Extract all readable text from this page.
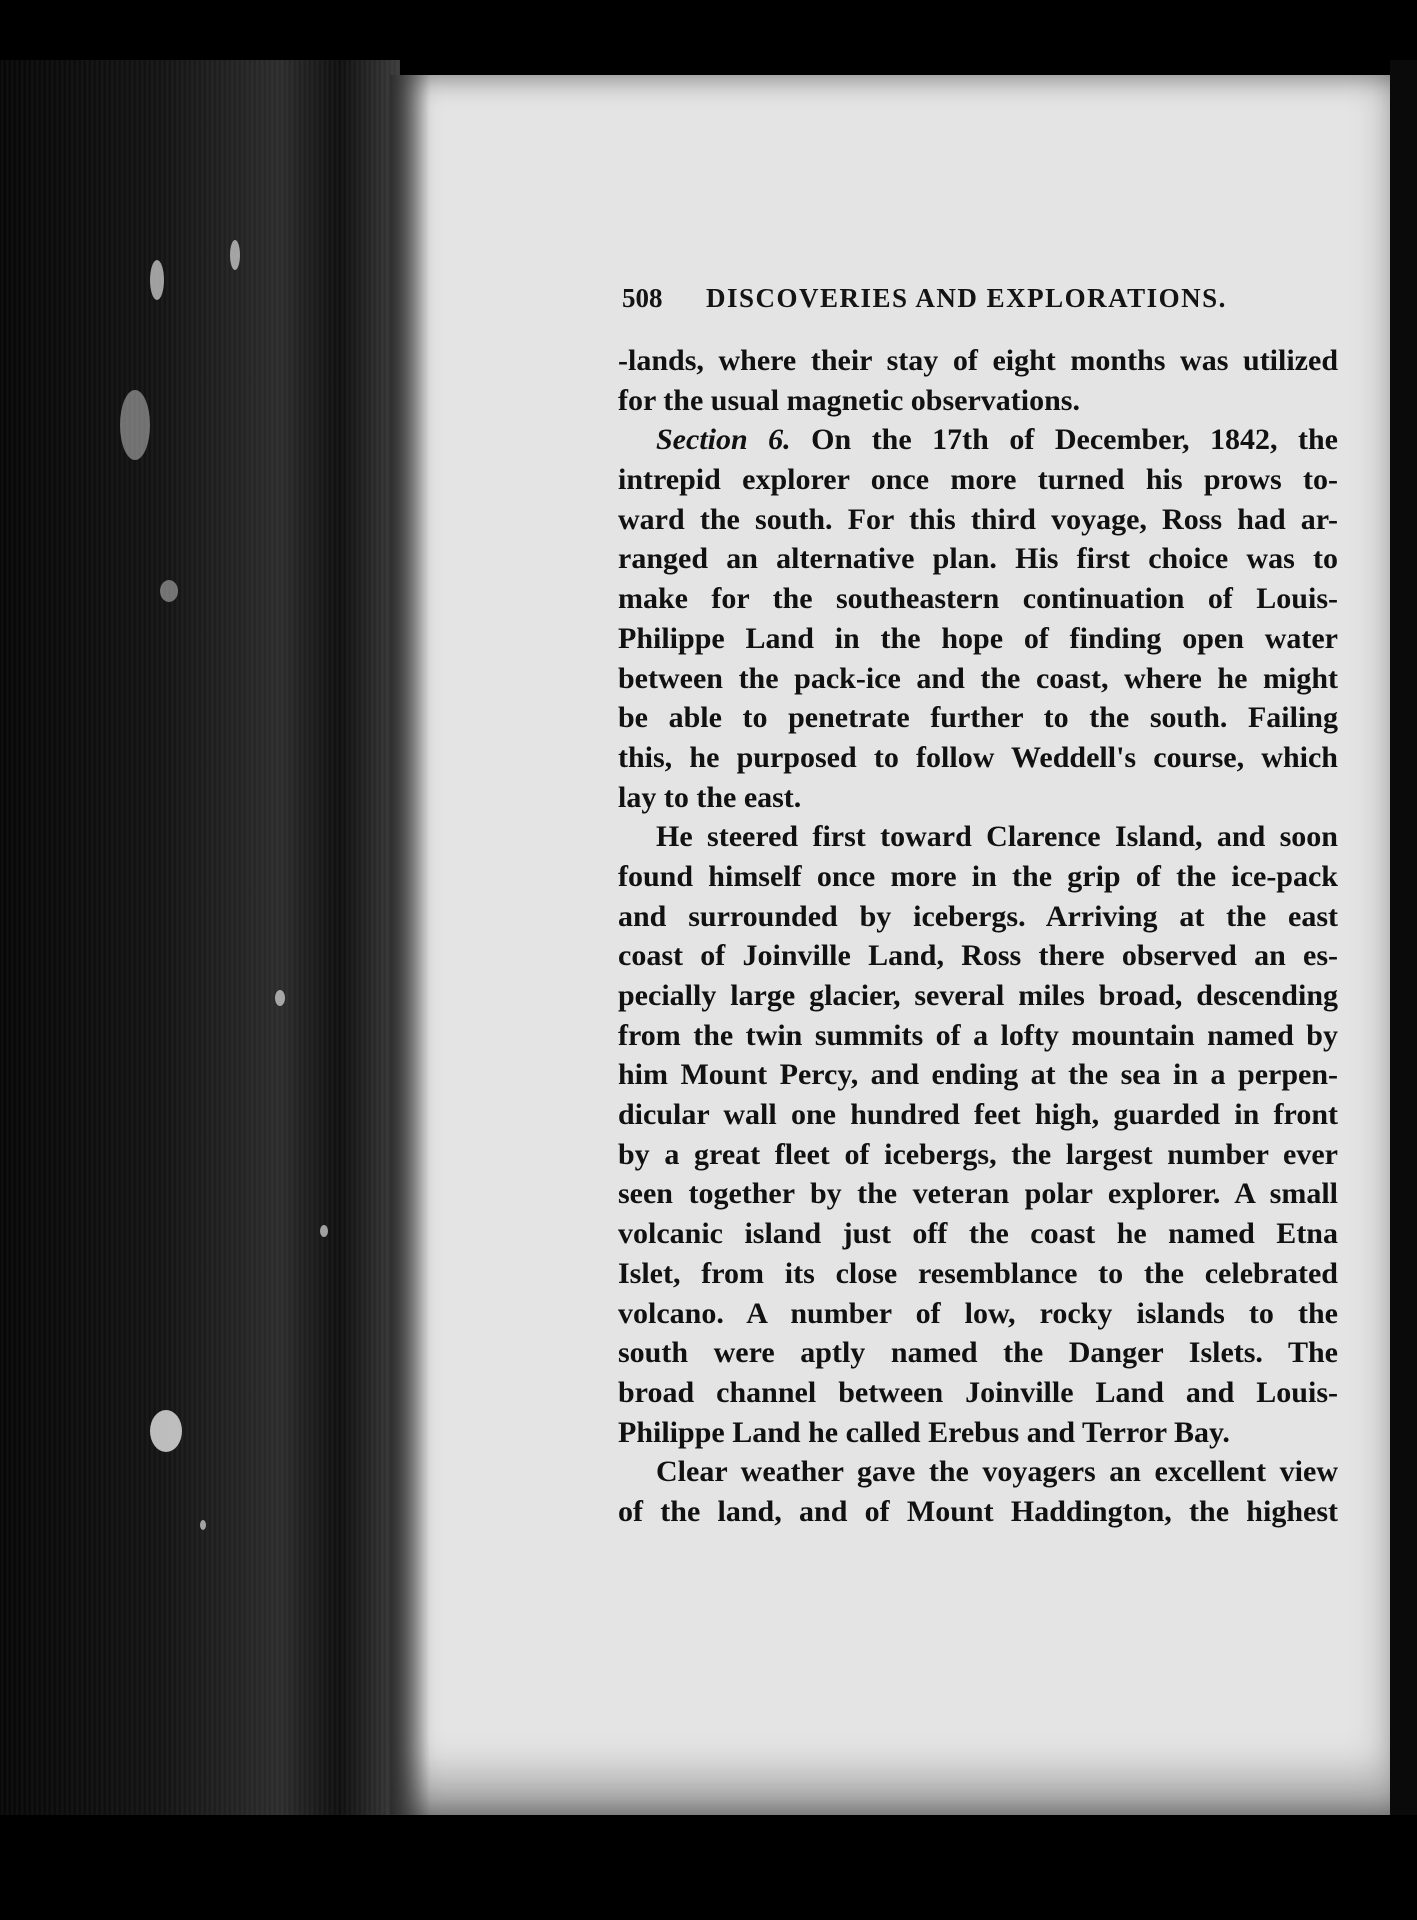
508 DISCOVERIES AND EXPLORATIONS.
-lands, where their stay of eight months was utilized
for the usual magnetic observations.
Section 6. On the 17th of December, 1842, the
intrepid explorer once more turned his prows to-
ward the south. For this third voyage, Ross had ar-
ranged an alternative plan. His first choice was to
make for the southeastern continuation of Louis-
Philippe Land in the hope of finding open water
between the pack-ice and the coast, where he might
be able to penetrate further to the south. Failing
this, he purposed to follow Weddell's course, which
lay to the east.
He steered first toward Clarence Island, and soon
found himself once more in the grip of the ice-pack
and surrounded by icebergs. Arriving at the east
coast of Joinville Land, Ross there observed an es-
pecially large glacier, several miles broad, descending
from the twin summits of a lofty mountain named by
him Mount Percy, and ending at the sea in a perpen-
dicular wall one hundred feet high, guarded in front
by a great fleet of icebergs, the largest number ever
seen together by the veteran polar explorer. A small
volcanic island just off the coast he named Etna
Islet, from its close resemblance to the celebrated
volcano. A number of low, rocky islands to the
south were aptly named the Danger Islets. The
broad channel between Joinville Land and Louis-
Philippe Land he called Erebus and Terror Bay.
Clear weather gave the voyagers an excellent view
of the land, and of Mount Haddington, the highest
